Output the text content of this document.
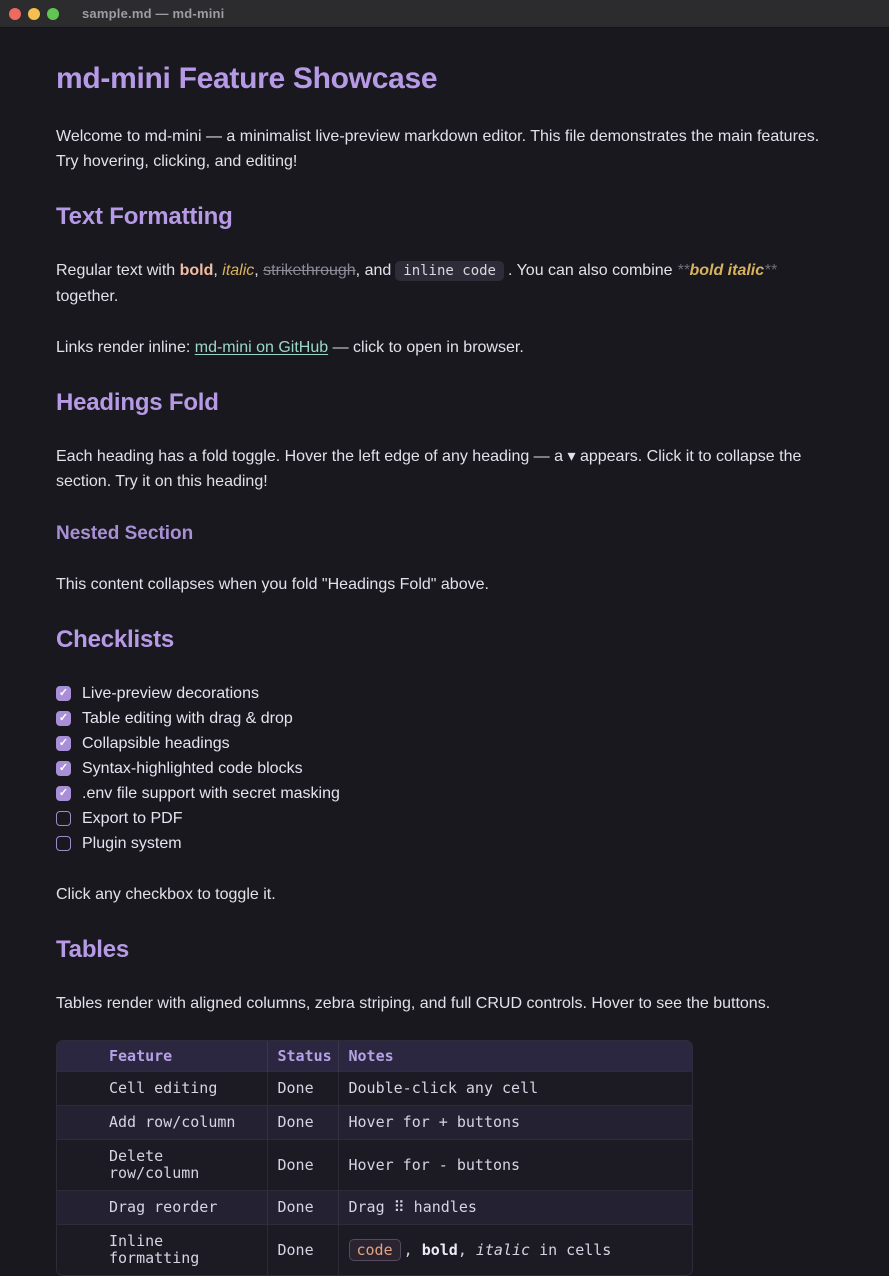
sample.md — md-mini
md-mini Feature Showcase

Welcome to md-mini — a minimalist live-preview markdown editor. This file demonstrates the main features. Try hovering, clicking, and editing!

Text Formatting

Regular text with bold, italic, strikethrough, and inline code . You can also combine **bold italic** together.

Links render inline: md-mini on GitHub — click to open in browser.

Headings Fold

Each heading has a fold toggle. Hover the left edge of any heading — a ▾ appears. Click it to collapse the section. Try it on this heading!

Nested Section

This content collapses when you fold "Headings Fold" above.

Checklists
✓
Live-preview decorations
✓
Table editing with drag & drop
✓
Collapsible headings
✓
Syntax-highlighted code blocks
✓
.env file support with secret masking
Export to PDF
Plugin system

Click any checkbox to toggle it.

Tables

Tables render with aligned columns, zebra striping, and full CRUD controls. Hover to see the buttons.

Feature	Status	Notes
Cell editing	Done	Double-click any cell
Add row/column	Done	Hover for + buttons
Delete row/column	Done	Hover for - buttons
Drag reorder	Done	Drag ⠿ handles
Inline formatting	Done	code , bold, italic in cells
